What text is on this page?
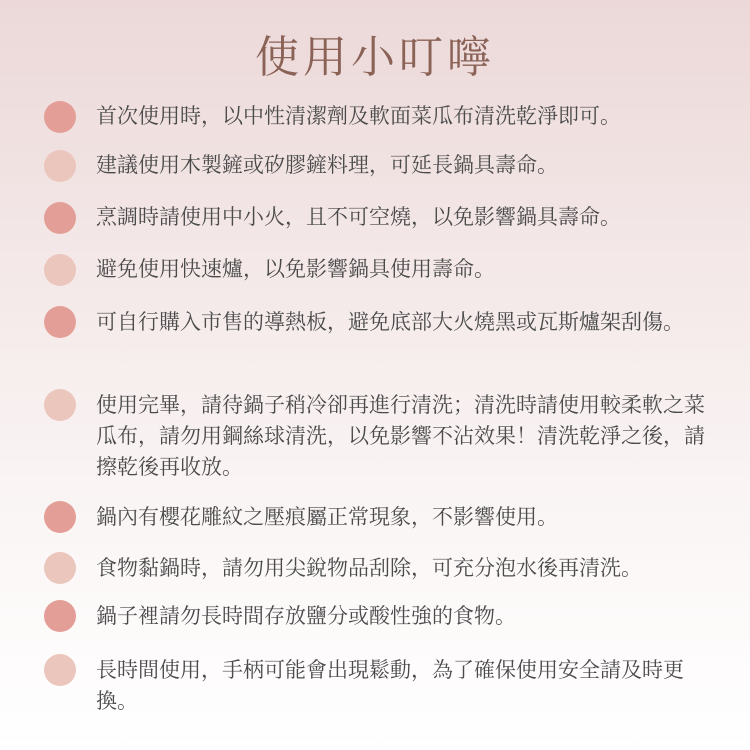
使用小叮嚀
首次使用時，以中性清潔劑及軟面菜瓜布清洗乾淨即可。
建議使用木製鏟或矽膠鏟料理，可延長鍋具壽命。
烹調時請使用中小火，且不可空燒，以免影響鍋具壽命。
避免使用快速爐，以免影響鍋具使用壽命。
可自行購入市售的導熱板，避免底部大火燒黑或瓦斯爐架刮傷。
使用完畢，請待鍋子稍冷卻再進行清洗；清洗時請使用較柔軟之菜瓜布，請勿用鋼絲球清洗，以免影響不沾效果！清洗乾淨之後，請擦乾後再收放。
鍋內有櫻花雕紋之壓痕屬正常現象，不影響使用。
食物黏鍋時，請勿用尖銳物品刮除，可充分泡水後再清洗。
鍋子裡請勿長時間存放鹽分或酸性強的食物。
長時間使用，手柄可能會出現鬆動，為了確保使用安全請及時更換。
